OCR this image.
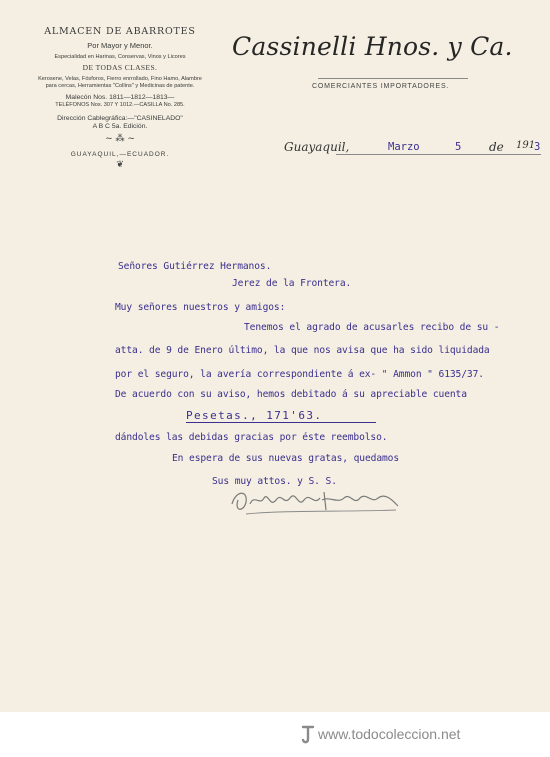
ALMACEN DE ABARROTES
Por Mayor y Menor.
Especialidad en Harinas, Conservas, Vinos y Licores
DE TODAS CLASES.
Kerosene, Velas, Fósforos, Fierro enrrollado, Fino Hamo, Alambre
para cercas, Herramientas "Collins" y Medicinas de patente.
Malecón Nos. 1811—1812—1813—
TELÉFONOS Nos. 307 Y 1012.—CASILLA No. 285.
Dirección Cablegráfica:—"CASINELADO"
A B C 5a. Edición.
~ ⁂ ~
GUAYAQUIL,—ECUADOR.
❦
Cassinelli Hnos. y Ca.
COMERCIANTES IMPORTADORES.
Guayaquil,	Marzo	5 de 191
3
Señores Gutiérrez Hermanos.
Jerez de la Frontera.
Muy señores nuestros y amigos:
Tenemos el agrado de acusarles recibo de su -
atta. de 9 de Enero último, la que nos avisa que ha sido liquidada
por el seguro, la avería correspondiente á ex- " Ammon " 6135/37.
De acuerdo con su aviso, hemos debitado á su apreciable cuenta
Pesetas., 171'63.
dándoles las debidas gracias por éste reembolso.
En espera de sus nuevas gratas, quedamos
Sus muy attos. y S. S.
www.todocoleccion.net
